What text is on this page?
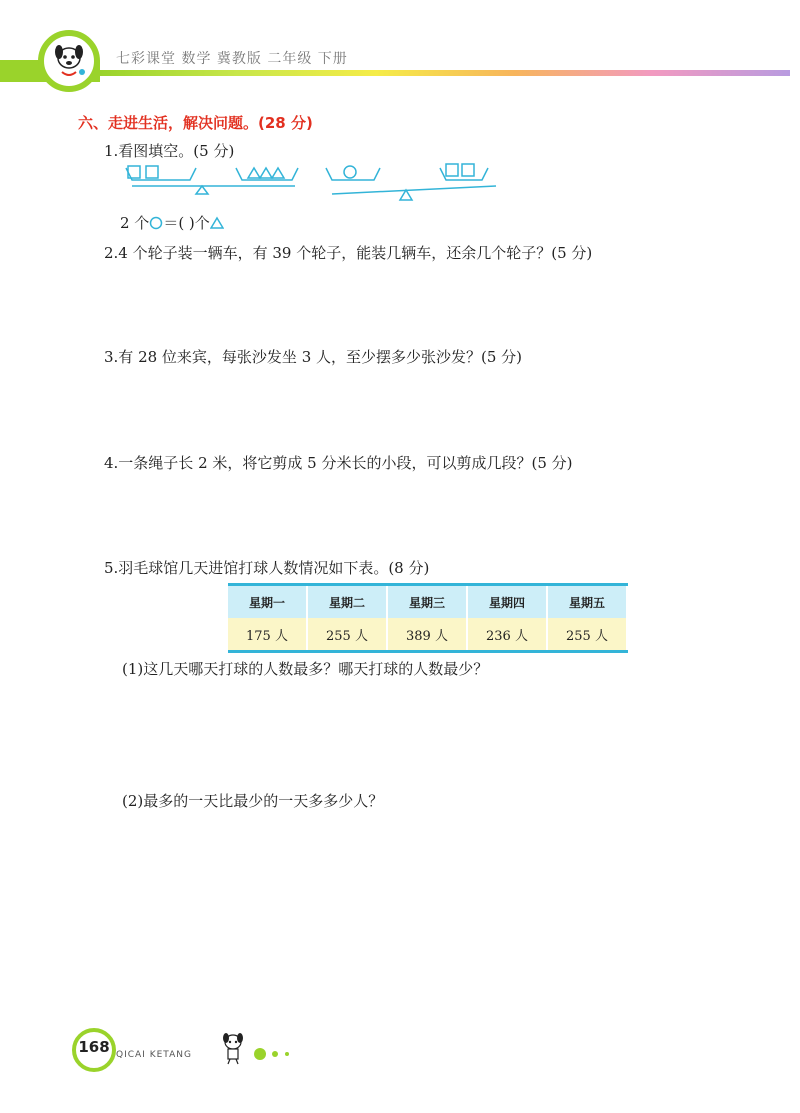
七彩课堂 数学 冀教版 二年级 下册
六、走进生活，解决问题。(28 分)
1.看图填空。(5 分)
2 个 ＝( )个
2.4 个轮子装一辆车，有 39 个轮子，能装几辆车，还余几个轮子？(5 分)
3.有 28 位来宾，每张沙发坐 3 人，至少摆多少张沙发？(5 分)
4.一条绳子长 2 米，将它剪成 5 分米长的小段，可以剪成几段？(5 分)
5.羽毛球馆几天进馆打球人数情况如下表。(8 分)
星期一	星期二	星期三	星期四	星期五
175 人	255 人	389 人	236 人	255 人
(1)这几天哪天打球的人数最多？哪天打球的人数最少？
(2)最多的一天比最少的一天多多少人？
168 QICAI KETANG
